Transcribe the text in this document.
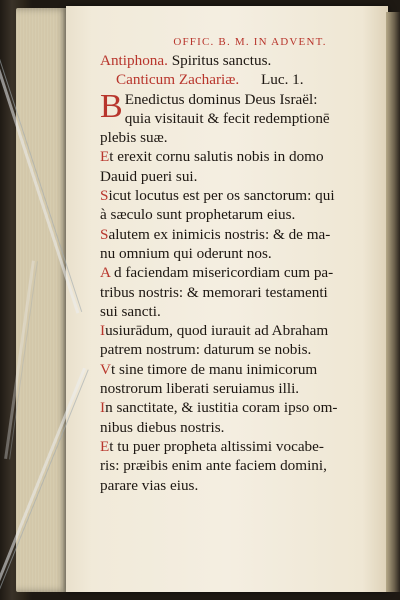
OFFIC. B. M. IN ADVENT.
Antiphona. Spiritus sanctus.
Canticum Zachariæ. Luc. 1.
B Enedictus dominus Deus Israël:
quia visitauit & fecit redemptionē
plebis suæ.
Et erexit cornu salutis nobis in domo
Dauid pueri sui.
Sicut locutus est per os sanctorum: qui
à sæculo sunt prophetarum eius.
Salutem ex inimicis nostris: & de ma-
nu omnium qui oderunt nos.
A d faciendam misericordiam cum pa-
tribus nostris: & memorari testamenti
sui sancti.
Iusiurādum, quod iurauit ad Abraham
patrem nostrum: daturum se nobis.
Vt sine timore de manu inimicorum
nostrorum liberati seruiamus illi.
In sanctitate, & iustitia coram ipso om-
nibus diebus nostris.
Et tu puer propheta altissimi vocabe-
ris: præibis enim ante faciem domini,
parare vias eius.
